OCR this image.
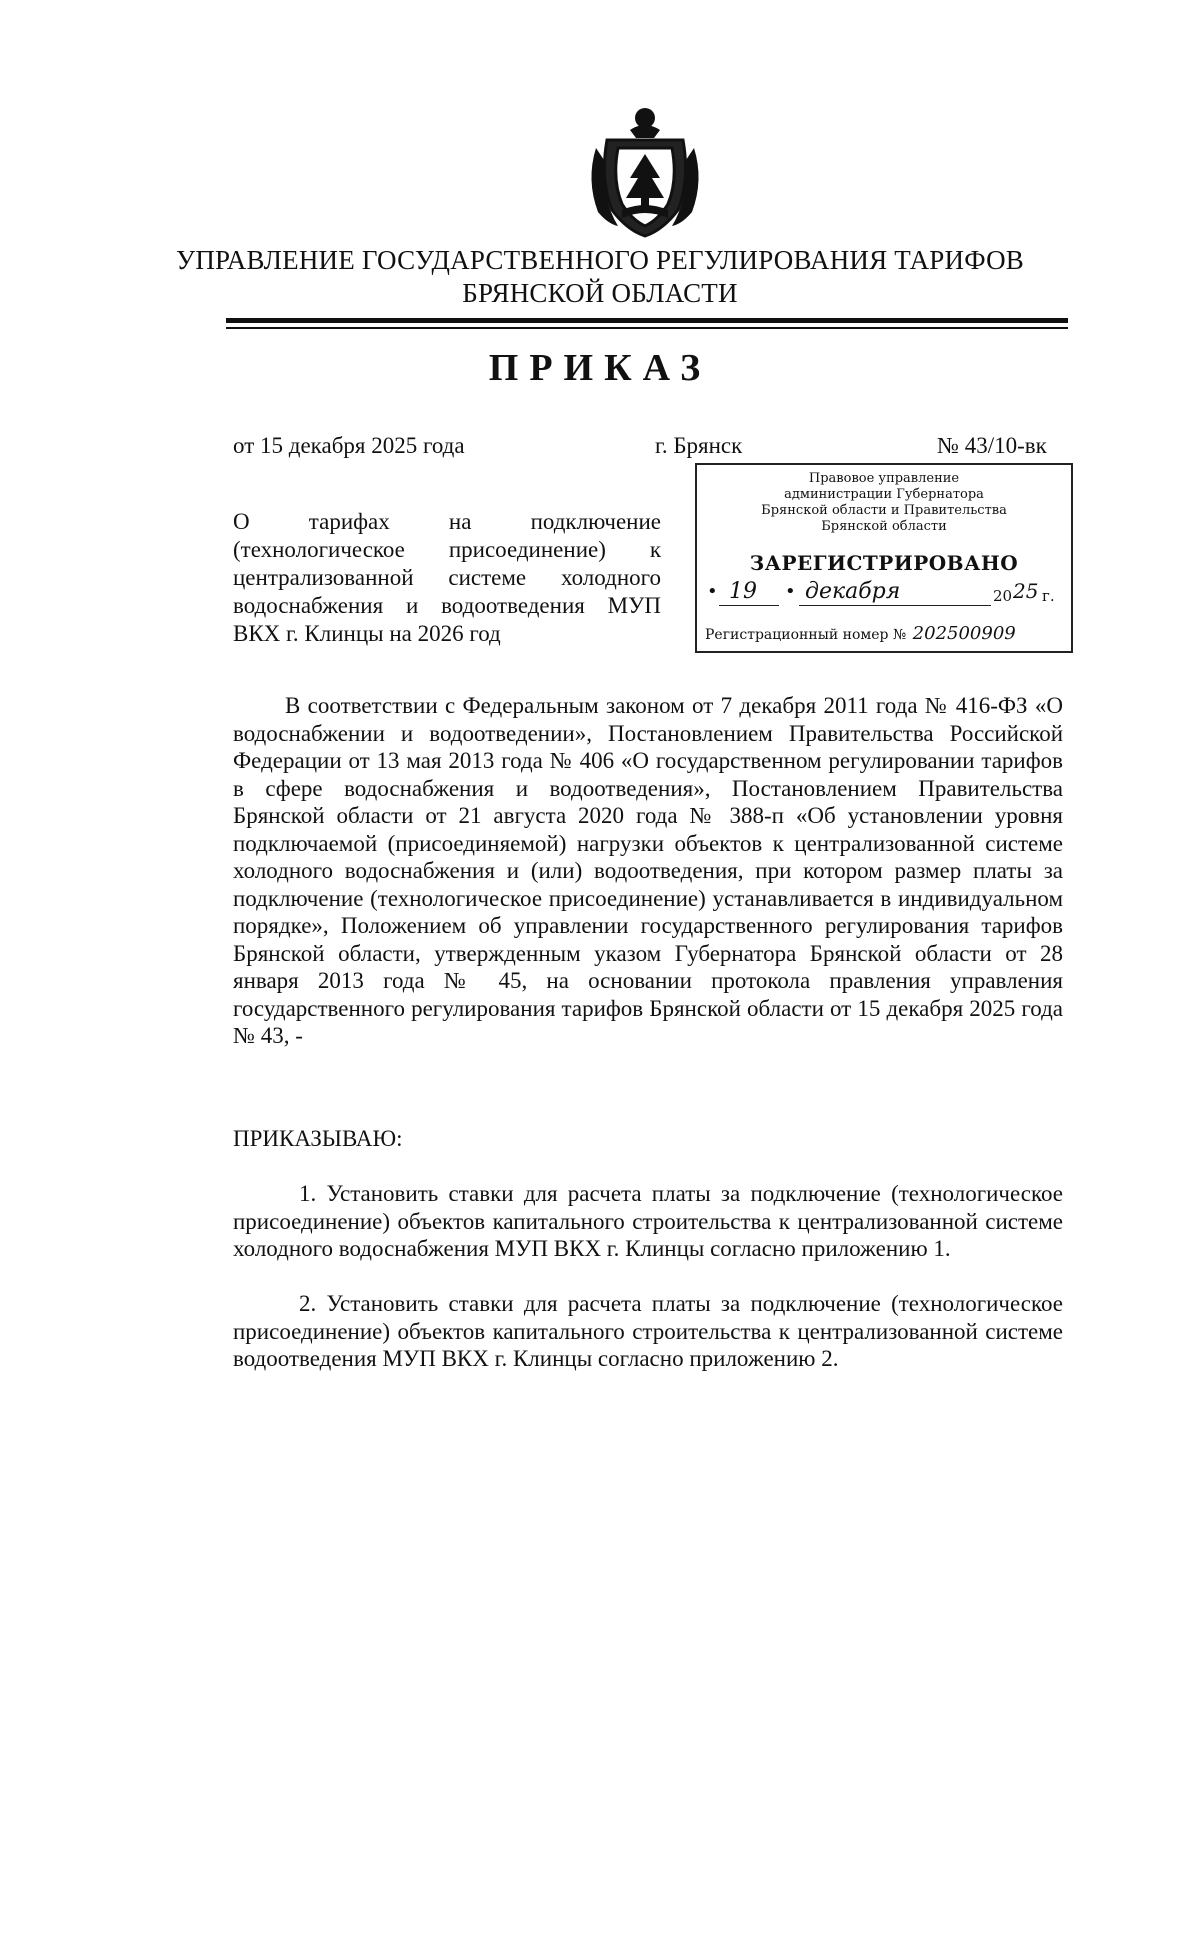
УПРАВЛЕНИЕ ГОСУДАРСТВЕННОГО РЕГУЛИРОВАНИЯ ТАРИФОВ
БРЯНСКОЙ ОБЛАСТИ
ПРИКАЗ
от 15 декабря 2025 года	г. Брянск	№ 43/10-вк
О тарифах на подключение (технологическое присоединение) к централизованной системе холодного водоснабжения и водоотведения МУП ВКХ г. Клинцы на 2026 год
Правовое управление
администрации Губернатора
Брянской области и Правительства
Брянской области
ЗАРЕГИСТРИРОВАНО
• 19 • декабря	20 25 г.
Регистрационный номер № 202500909
В соответствии с Федеральным законом от 7 декабря 2011 года № 416-ФЗ «О водоснабжении и водоотведении», Постановлением Правительства Российской Федерации от 13 мая 2013 года № 406 «О государственном регулировании тарифов в сфере водоснабжения и водоотведения», Постановлением Правительства Брянской области от 21 августа 2020 года № 388-п «Об установлении уровня подключаемой (присоединяемой) нагрузки объектов к централизованной системе холодного водоснабжения и (или) водоотведения, при котором размер платы за подключение (технологическое присоединение) устанавливается в индивидуальном порядке», Положением об управлении государственного регулирования тарифов Брянской области, утвержденным указом Губернатора Брянской области от 28 января 2013 года № 45, на основании протокола правления управления государственного регулирования тарифов Брянской области от 15 декабря 2025 года № 43, -
ПРИКАЗЫВАЮ:
1. Установить ставки для расчета платы за подключение (технологическое присоединение) объектов капитального строительства к централизованной системе холодного водоснабжения МУП ВКХ г. Клинцы согласно приложению 1.
2. Установить ставки для расчета платы за подключение (технологическое присоединение) объектов капитального строительства к централизованной системе водоотведения МУП ВКХ г. Клинцы согласно приложению 2.
